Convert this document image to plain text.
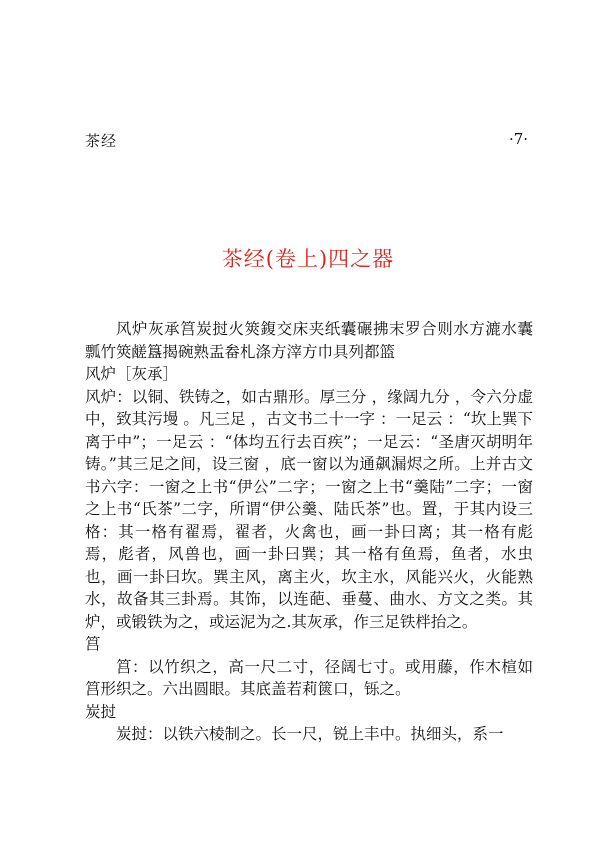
茶经	·7·
茶经(卷上)四之器

风炉灰承筥炭挝火筴鍑交床夹纸囊碾拂末罗合则水方漉水囊瓢竹筴鹾簋揭碗熟盂畚札涤方滓方巾具列都篮

风炉［灰承］

风炉：以铜、铁铸之，如古鼎形。厚三分 ，缘阔九分 ，令六分虚中，致其污墁 。凡三足 ，古文书二十一字 ：一足云 ：“坎上巽下离于中”；一足云 ：“体均五行去百疾”；一足云：“圣唐灭胡明年铸。”其三足之间，设三窗 ，底一窗以为通飙漏烬之所。上并古文书六字：一窗之上书“伊公”二字；一窗之上书“羹陆”二字；一窗之上书“氏茶”二字，所谓“伊公羹、陆氏茶”也。置，于其内设三格：其一格有翟焉，翟者，火禽也，画一卦曰离；其一格有彪焉，彪者，风兽也，画一卦曰巽；其一格有鱼焉，鱼者，水虫也，画一卦曰坎。巽主风，离主火，坎主水，风能兴火，火能熟水，故备其三卦焉。其饰，以连葩、垂蔓、曲水、方文之类。其炉，或锻铁为之，或运泥为之.其灰承，作三足铁柈抬之。

筥

筥：以竹织之，高一尺二寸，径阔七寸。或用藤，作木楦如筥形织之。六出圆眼。其底盖若莉篋口，铄之。

炭挝

炭挝：以铁六棱制之。长一尺，锐上丰中。执细头，系一
